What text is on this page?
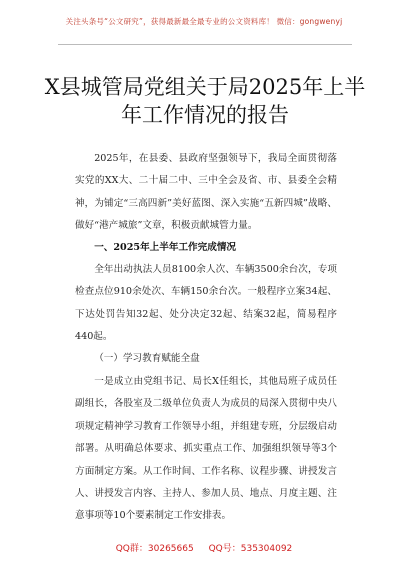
关注头条号“公文研究”，获得最新最全最专业的公文资料库！ 微信：gongwenyj
X县城管局党组关于局2025年上半
年工作情况的报告

2025年，在县委、县政府坚强领导下，我局全面贯彻落实党的XX大、二十届二中、三中全会及省、市、县委全会精神，为铺定“三高四新”美好蓝图、深入实施“五新四城”战略、做好“港产城旅”文章，积极贡献城管力量。

一、2025年上半年工作完成情况

全年出动执法人员8100余人次、车辆3500余台次，专项检查点位910余处次、车辆150余台次。一般程序立案34起、下达处罚告知32起、处分决定32起、结案32起，简易程序440起。

（一）学习教育赋能全盘

一是成立由党组书记、局长X任组长，其他局班子成员任副组长，各股室及二级单位负责人为成员的局深入贯彻中央八项规定精神学习教育工作领导小组，并组建专班，分层级启动部署。从明确总体要求、抓实重点工作、加强组织领导等3个方面制定方案。从工作时间、工作名称、议程步骤、讲授发言人、讲授发言内容、主持人、参加人员、地点、月度主题、注意事项等10个要素制定工作安排表。

QQ群：30265665 QQ号：535304092
